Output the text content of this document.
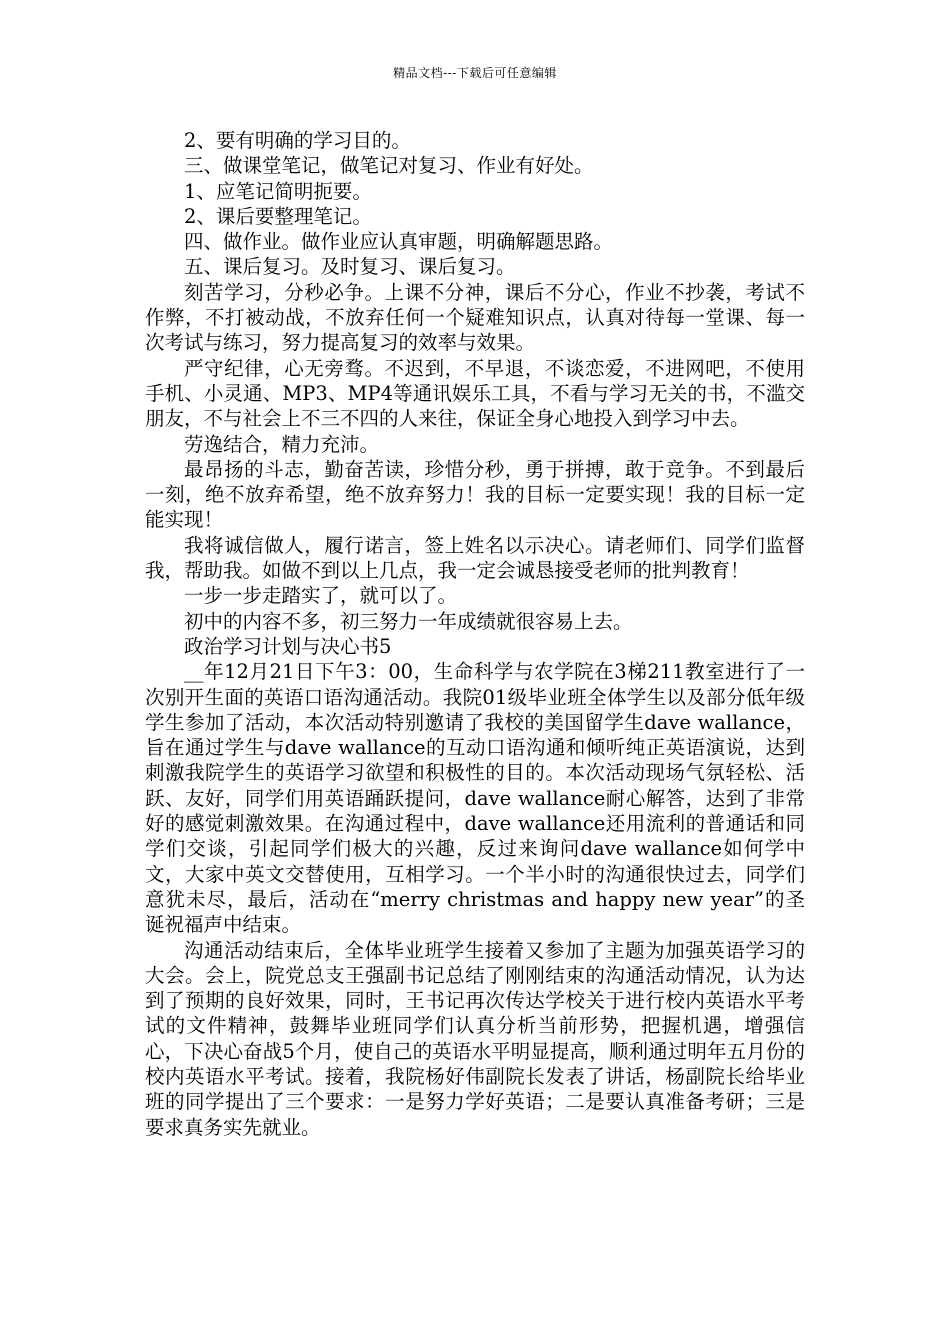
精品文档---下载后可任意编辑

2、要有明确的学习目的。

三、做课堂笔记，做笔记对复习、作业有好处。

1、应笔记简明扼要。

2、课后要整理笔记。

四、做作业。做作业应认真审题，明确解题思路。

五、课后复习。及时复习、课后复习。

刻苦学习，分秒必争。上课不分神，课后不分心，作业不抄袭，考试不作弊，不打被动战，不放弃任何一个疑难知识点，认真对待每一堂课、每一次考试与练习，努力提高复习的效率与效果。

严守纪律，心无旁骛。不迟到，不早退，不谈恋爱，不进网吧，不使用手机、小灵通、MP3、MP4等通讯娱乐工具，不看与学习无关的书，不滥交朋友，不与社会上不三不四的人来往，保证全身心地投入到学习中去。

劳逸结合，精力充沛。

最昂扬的斗志，勤奋苦读，珍惜分秒，勇于拼搏，敢于竞争。不到最后一刻，绝不放弃希望，绝不放弃努力！我的目标一定要实现！我的目标一定能实现！

我将诚信做人，履行诺言，签上姓名以示决心。请老师们、同学们监督我，帮助我。如做不到以上几点，我一定会诚恳接受老师的批判教育！

一步一步走踏实了，就可以了。

初中的内容不多，初三努力一年成绩就很容易上去。

政治学习计划与决心书5

__年12月21日下午3：00，生命科学与农学院在3梯211教室进行了一次别开生面的英语口语沟通活动。我院01级毕业班全体学生以及部分低年级学生参加了活动，本次活动特别邀请了我校的美国留学生dave wallance，旨在通过学生与dave wallance的互动口语沟通和倾听纯正英语演说，达到刺激我院学生的英语学习欲望和积极性的目的。本次活动现场气氛轻松、活跃、友好，同学们用英语踊跃提问，dave wallance耐心解答，达到了非常好的感觉刺激效果。在沟通过程中，dave wallance还用流利的普通话和同学们交谈，引起同学们极大的兴趣，反过来询问dave wallance如何学中文，大家中英文交替使用，互相学习。一个半小时的沟通很快过去，同学们意犹未尽，最后，活动在“merry christmas and happy new year”的圣诞祝福声中结束。

沟通活动结束后，全体毕业班学生接着又参加了主题为加强英语学习的大会。会上，院党总支王强副书记总结了刚刚结束的沟通活动情况，认为达到了预期的良好效果，同时，王书记再次传达学校关于进行校内英语水平考试的文件精神，鼓舞毕业班同学们认真分析当前形势，把握机遇，增强信心，下决心奋战5个月，使自己的英语水平明显提高，顺利通过明年五月份的校内英语水平考试。接着，我院杨好伟副院长发表了讲话，杨副院长给毕业班的同学提出了三个要求：一是努力学好英语；二是要认真准备考研；三是要求真务实先就业。
